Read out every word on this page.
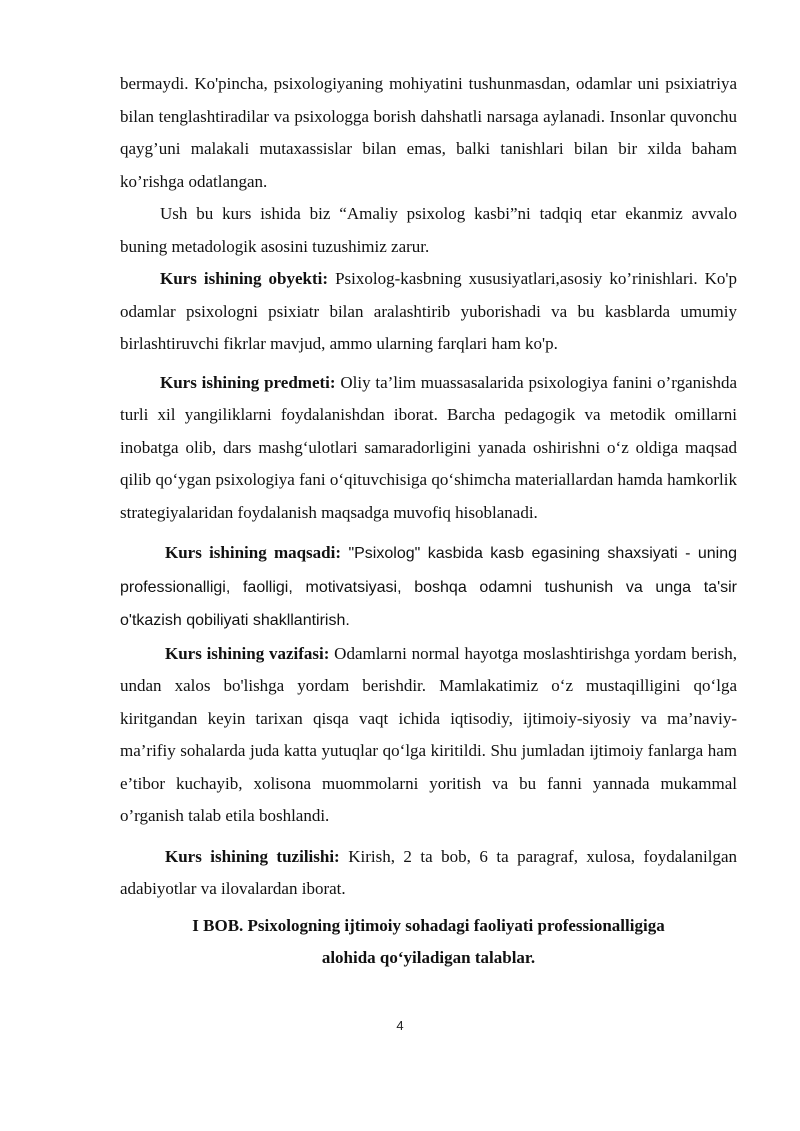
bermaydi. Ko'pincha, psixologiyaning mohiyatini tushunmasdan, odamlar uni psixiatriya bilan tenglashtiradilar va psixologga borish dahshatli narsaga aylanadi. Insonlar quvonchu qayg’uni malakali mutaxassislar bilan emas, balki tanishlari bilan bir xilda baham ko’rishga odatlangan.

Ush bu kurs ishida biz “Amaliy psixolog kasbi”ni tadqiq etar ekanmiz avvalo buning metadologik asosini tuzushimiz zarur.

Kurs ishining obyekti: Psixolog-kasbning xususiyatlari,asosiy ko’rinishlari. Ko'p odamlar psixologni psixiatr bilan aralashtirib yuborishadi va bu kasblarda umumiy birlashtiruvchi fikrlar mavjud, ammo ularning farqlari ham ko'p.

Kurs ishining predmeti: Oliy ta’lim muassasalarida psixologiya fanini o’rganishda turli xil yangiliklarni foydalanishdan iborat. Barcha pedagogik va metodik omillarni inobatga olib, dars mashg‘ulotlari samaradorligini yanada oshirishni o‘z oldiga maqsad qilib qo‘ygan psixologiya fani o‘qituvchisiga qo‘shimcha materiallardan hamda hamkorlik strategiyalaridan foydalanish maqsadga muvofiq hisoblanadi.

Kurs ishining maqsadi: "Psixolog" kasbida kasb egasining shaxsiyati - uning professionalligi, faolligi, motivatsiyasi, boshqa odamni tushunish va unga ta'sir o'tkazish qobiliyati shakllantirish.

Kurs ishining vazifasi: Odamlarni normal hayotga moslashtirishga yordam berish, undan xalos bo'lishga yordam berishdir. Mamlakatimiz o‘z mustaqilligini qo‘lga kiritgandan keyin tarixan qisqa vaqt ichida iqtisodiy, ijtimoiy-siyosiy va ma’naviy-ma’rifiy sohalarda juda katta yutuqlar qo‘lga kiritildi. Shu jumladan ijtimoiy fanlarga ham e’tibor kuchayib, xolisona muommolarni yoritish va bu fanni yannada mukammal o’rganish talab etila boshlandi.

Kurs ishining tuzilishi: Kirish, 2 ta bob, 6 ta paragraf, xulosa, foydalanilgan adabiyotlar va ilovalardan iborat.

I BOB. Psixologning ijtimoiy sohadagi faoliyati professionalligiga
alohida qo‘yiladigan talablar.
4
